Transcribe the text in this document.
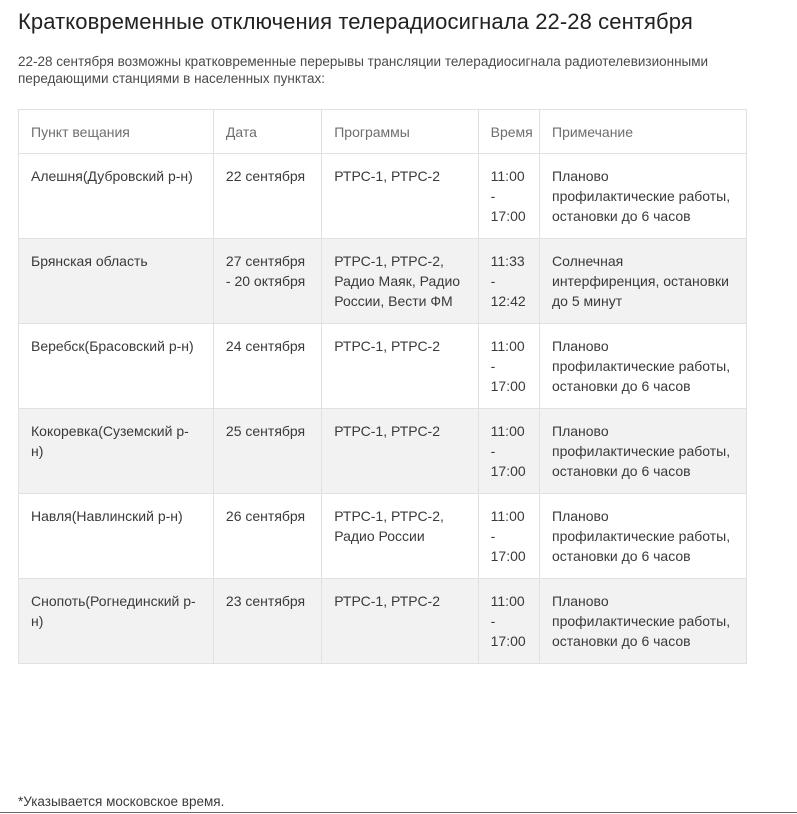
Кратковременные отключения телерадиосигнала 22-28 сентября

22-28 сентября возможны кратковременные перерывы трансляции телерадиосигнала радиотелевизионными передающими станциями в населенных пунктах:

Пункт вещания	Дата	Программы	Время	Примечание
Алешня(Дубровский р-н)	22 сентября	РТРС-1, РТРС-2	11:00 - 17:00	Планово профилактические работы, остановки до 6 часов
Брянская область	27 сентября - 20 октября	РТРС-1, РТРС-2, Радио Маяк, Радио России, Вести ФМ	11:33 - 12:42	Солнечная интерфиренция, остановки до 5 минут
Веребск(Брасовский р-н)	24 сентября	РТРС-1, РТРС-2	11:00 - 17:00	Планово профилактические работы, остановки до 6 часов
Кокоревка(Суземский р-н)	25 сентября	РТРС-1, РТРС-2	11:00 - 17:00	Планово профилактические работы, остановки до 6 часов
Навля(Навлинский р-н)	26 сентября	РТРС-1, РТРС-2, Радио России	11:00 - 17:00	Планово профилактические работы, остановки до 6 часов
Снопоть(Рогнединский р-н)	23 сентября	РТРС-1, РТРС-2	11:00 - 17:00	Планово профилактические работы, остановки до 6 часов
*Указывается московское время.
